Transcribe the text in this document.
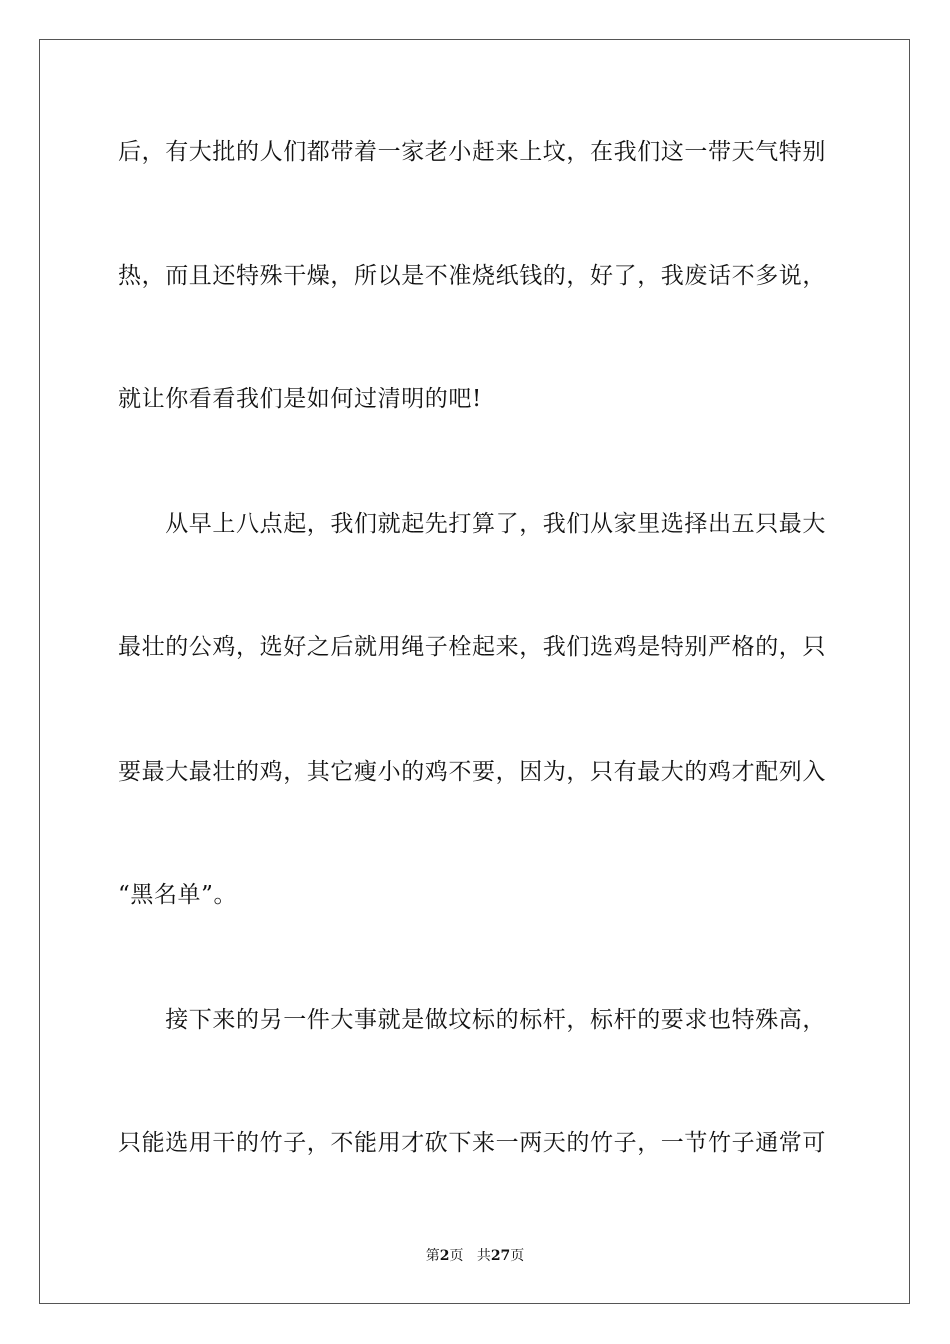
后，有大批的人们都带着一家老小赶来上坟，在我们这一带天气特别
热，而且还特殊干燥，所以是不准烧纸钱的，好了，我废话不多说，
就让你看看我们是如何过清明的吧!
　　从早上八点起，我们就起先打算了，我们从家里选择出五只最大
最壮的公鸡，选好之后就用绳子栓起来，我们选鸡是特别严格的，只
要最大最壮的鸡，其它瘦小的鸡不要，因为，只有最大的鸡才配列入
“黑名单”。
　　接下来的另一件大事就是做坟标的标杆，标杆的要求也特殊高，
只能选用干的竹子，不能用才砍下来一两天的竹子，一节竹子通常可
第2页 共27页
